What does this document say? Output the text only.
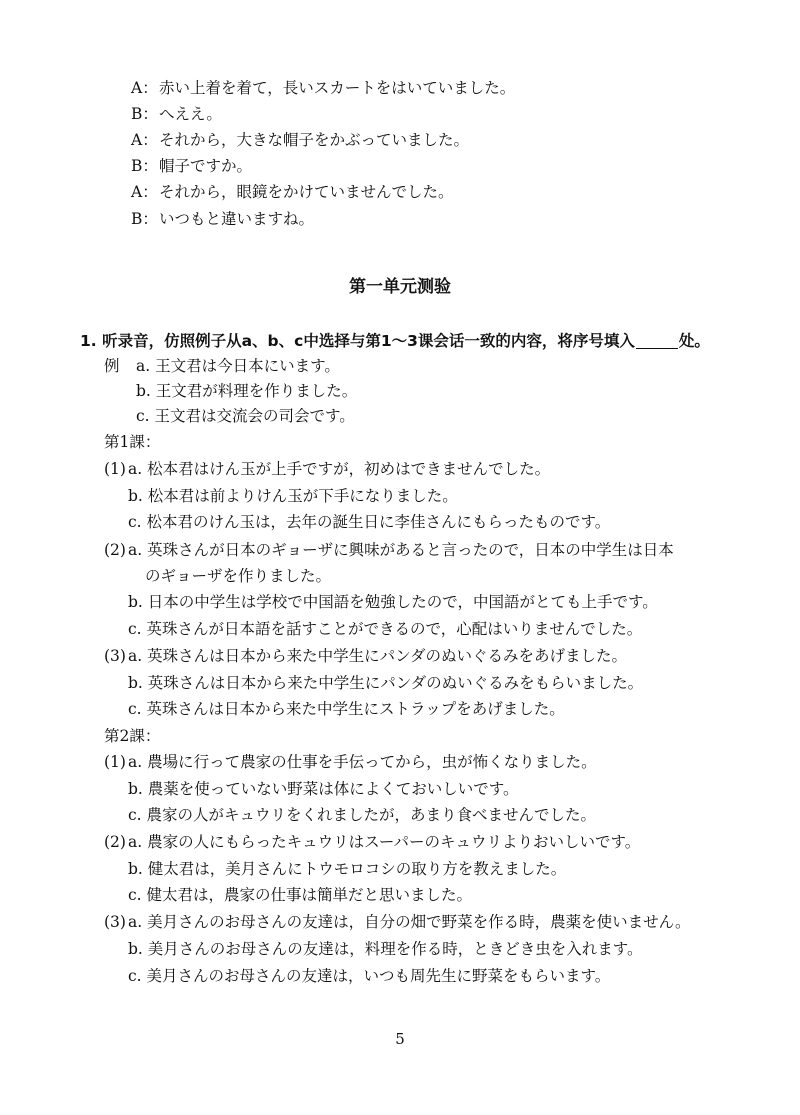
A：赤い上着を着て，長いスカートをはいていました。
B：へええ。
A：それから，大きな帽子をかぶっていました。
B：帽子ですか。
A：それから，眼鏡をかけていませんでした。
B：いつもと違いますね。
第一单元测验
1. 听录音，仿照例子从a、b、c中选择与第1～3课会话一致的内容，将序号填入	处。
例 a. 王文君は今日本にいます。
b. 王文君が料理を作りました。
c. 王文君は交流会の司会です。
第1課：
(1) a. 松本君はけん玉が上手ですが，初めはできませんでした。
b. 松本君は前よりけん玉が下手になりました。
c. 松本君のけん玉は，去年の誕生日に李佳さんにもらったものです。
(2) a. 英珠さんが日本のギョーザに興味があると言ったので，日本の中学生は日本
のギョーザを作りました。
b. 日本の中学生は学校で中国語を勉強したので，中国語がとても上手です。
c. 英珠さんが日本語を話すことができるので，心配はいりませんでした。
(3) a. 英珠さんは日本から来た中学生にパンダのぬいぐるみをあげました。
b. 英珠さんは日本から来た中学生にパンダのぬいぐるみをもらいました。
c. 英珠さんは日本から来た中学生にストラップをあげました。
第2課：
(1) a. 農場に行って農家の仕事を手伝ってから，虫が怖くなりました。
b. 農薬を使っていない野菜は体によくておいしいです。
c. 農家の人がキュウリをくれましたが，あまり食べませんでした。
(2) a. 農家の人にもらったキュウリはスーパーのキュウリよりおいしいです。
b. 健太君は，美月さんにトウモロコシの取り方を教えました。
c. 健太君は，農家の仕事は簡単だと思いました。
(3) a. 美月さんのお母さんの友達は，自分の畑で野菜を作る時，農薬を使いません。
b. 美月さんのお母さんの友達は，料理を作る時，ときどき虫を入れます。
c. 美月さんのお母さんの友達は，いつも周先生に野菜をもらいます。
5
